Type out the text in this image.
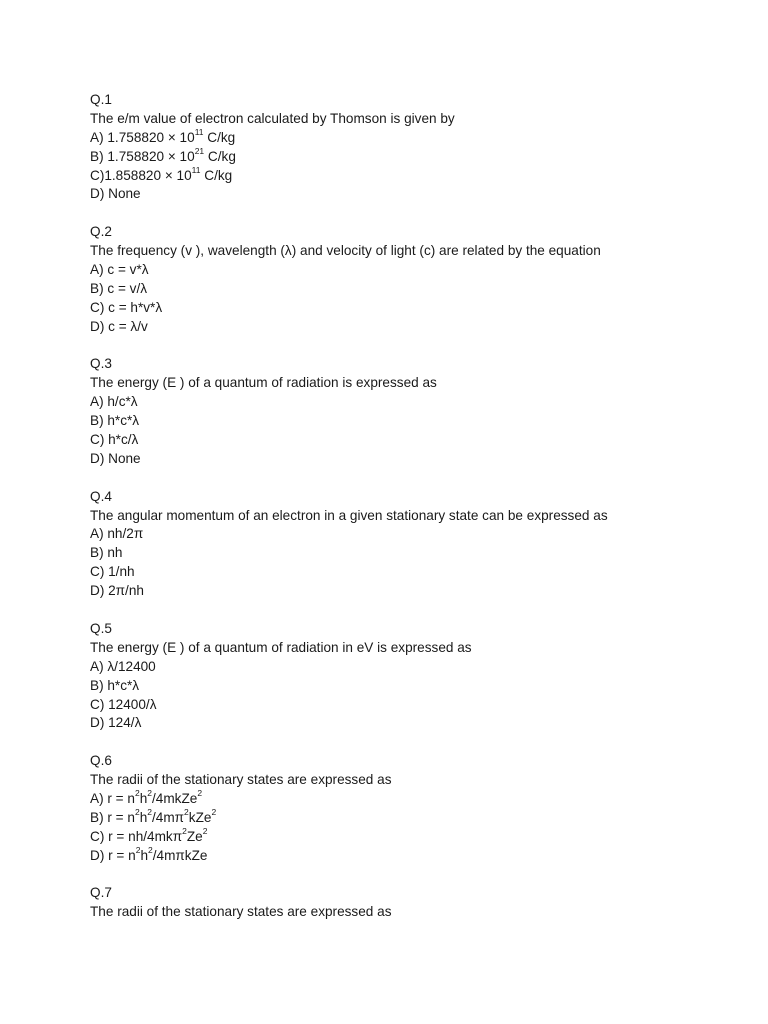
Q.1
The e/m value of electron calculated by Thomson is given by
A) $1.758820 \times 10^{11}$ C/kg
B) $1.758820 \times 10^{21}$ C/kg
$C)1.858820 \times 10^{11}$ C/kg
D) None
Q.2
The frequency (v ), wavelength (λ) and velocity of light (c) are related by the equation
A) c = v*λ
B) c = v/λ
C) c = h*v*λ
D) c = λ/v
Q.3
The energy (E ) of a quantum of radiation is expressed as
A) h/c*λ
B) h*c*λ
C) h*c/λ
D) None
Q.4
The angular momentum of an electron in a given stationary state can be expressed as
A) nh/2π
B) nh
C) 1/nh
D) 2π/nh
Q.5
The energy (E ) of a quantum of radiation in eV is expressed as
A) λ/12400
B) h*c*λ
C) 12400/λ
D) 124/λ
Q.6
The radii of the stationary states are expressed as
A) $r = n^2h^2/4mkZe^2$
B) $r = n^2h^2/4m\pi^2kZe^2$
C) $r = nh/4mk\pi^2Ze^2$
D) $r = n^2h^2/4m\pi kZe$
Q.7
The radii of the stationary states are expressed as
